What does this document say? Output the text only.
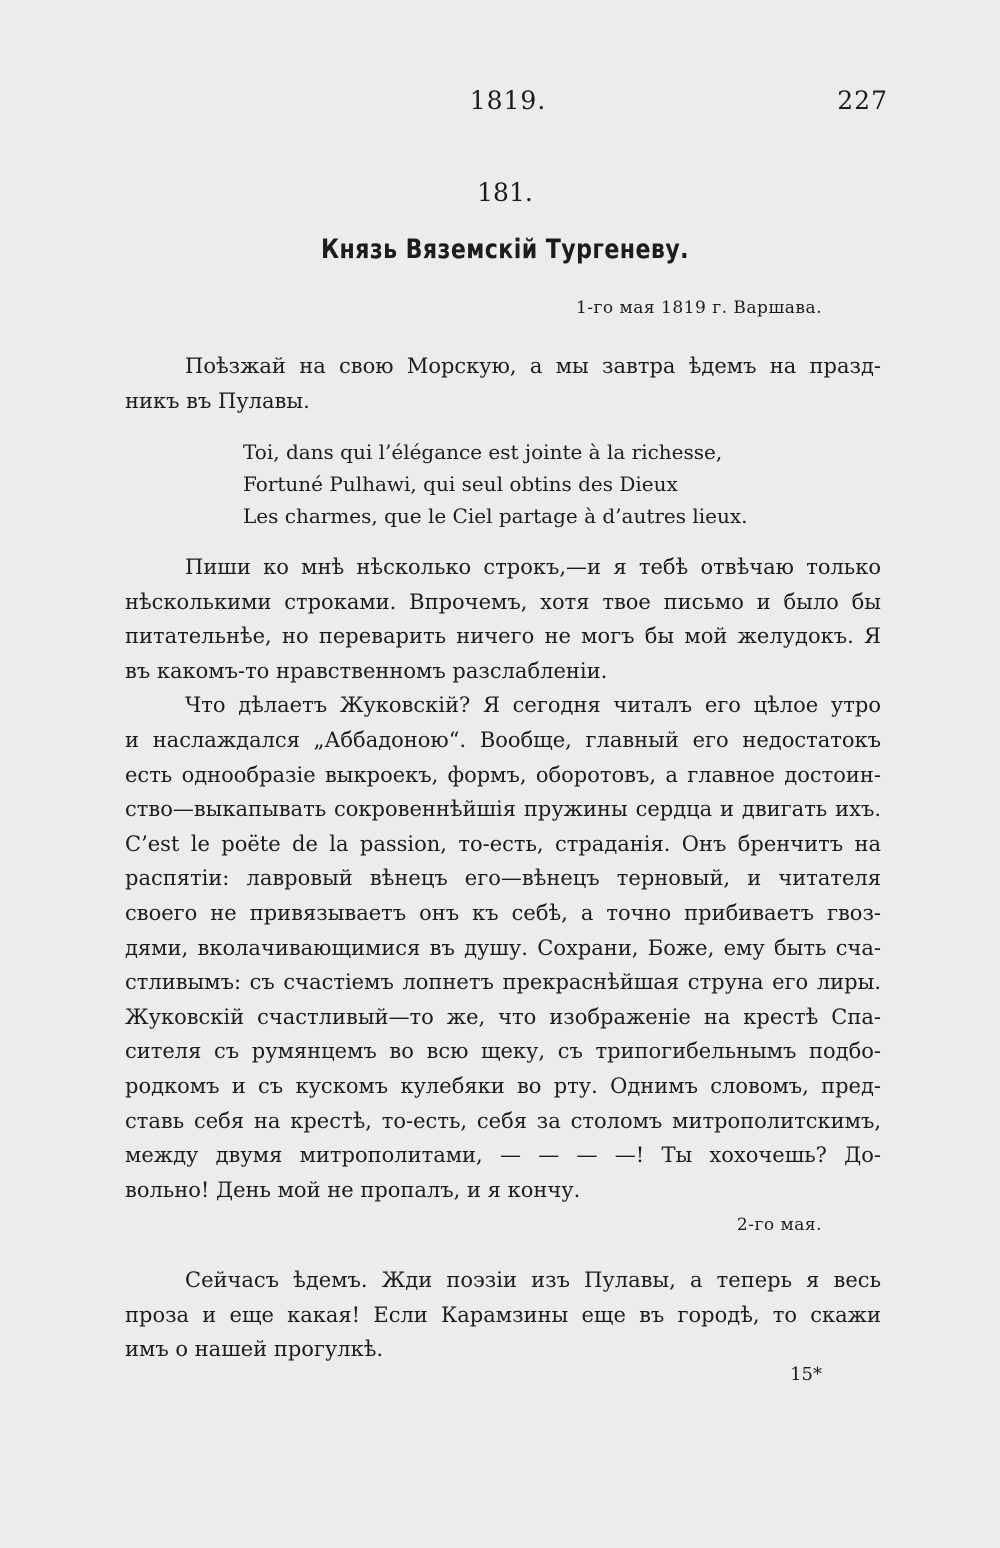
1819.	227
181.
Князь Вяземскій Тургеневу.
1-го мая 1819 г. Варшава.
Поѣзжай на свою Морскую, а мы завтра ѣдемъ на празд-
никъ въ Пулавы.
Toi, dans qui l’élégance est jointe à la richesse,
Fortuné Pulhawi, qui seul obtins des Dieux
Les charmes, que le Ciel partage à d’autres lieux.
Пиши ко мнѣ нѣсколько строкъ,—и я тебѣ отвѣчаю только
нѣсколькими строками. Впрочемъ, хотя твое письмо и было бы
питательнѣе, но переварить ничего не могъ бы мой желудокъ. Я
въ какомъ-то нравственномъ разслабленіи.
Что дѣлаетъ Жуковскій? Я сегодня читалъ его цѣлое утро
и наслаждался „Аббадоною“. Вообще, главный его недостатокъ
есть однообразіе выкроекъ, формъ, оборотовъ, а главное достоин-
ство—выкапывать сокровеннѣйшія пружины сердца и двигать ихъ.
C’est le poëte de la passion, то-есть, страданія. Онъ бренчитъ на
распятіи: лавровый вѣнецъ его—вѣнецъ терновый, и читателя
своего не привязываетъ онъ къ себѣ, а точно прибиваетъ гвоз-
дями, вколачивающимися въ душу. Сохрани, Боже, ему быть сча-
стливымъ: съ счастіемъ лопнетъ прекраснѣйшая струна его лиры.
Жуковскій счастливый—то же, что изображеніе на крестѣ Спа-
сителя съ румянцемъ во всю щеку, съ трипогибельнымъ подбо-
родкомъ и съ кускомъ кулебяки во рту. Однимъ словомъ, пред-
ставь себя на крестѣ, то-есть, себя за столомъ митрополитскимъ,
между двумя митрополитами, — — — —! Ты хохочешь? До-
вольно! День мой не пропалъ, и я кончу.
2-го мая.
Сейчасъ ѣдемъ. Жди поэзіи изъ Пулавы, а теперь я весь
проза и еще какая! Если Карамзины еще въ городѣ, то скажи
имъ о нашей прогулкѣ.
15*
